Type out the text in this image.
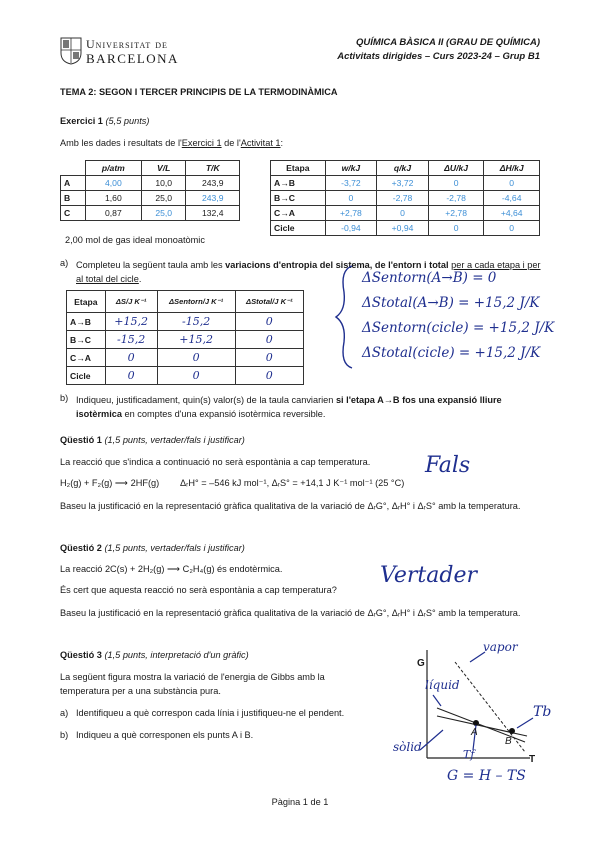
Universitat de
BARCELONA
QUÍMICA BÀSICA II (GRAU DE QUÍMICA)
Activitats dirigides – Curs 2023-24 – Grup B1
TEMA 2: SEGON I TERCER PRINCIPIS DE LA TERMODINÀMICA
Exercici 1 (5,5 punts)
Amb les dades i resultats de l'Exercici 1 de l'Activitat 1:
	p/atm	V/L	T/K
A	4,00	10,0	243,9
B	1,60	25,0	243,9
C	0,87	25,0	132,4
2,00 mol de gas ideal monoatòmic
Etapa	w/kJ	q/kJ	ΔU/kJ	ΔH/kJ
A→B	-3,72	+3,72	0	0
B→C	0	-2,78	-2,78	-4,64
C→A	+2,78	0	+2,78	+4,64
Cicle	-0,94	+0,94	0	0
a) Completeu la següent taula amb les variacions d'entropia del sistema, de l'entorn i total per a cada etapa i per al total del cicle.
Etapa	ΔS/J K⁻¹	ΔSentorn/J K⁻¹	ΔStotal/J K⁻¹
A→B	+15,2	-15,2	0
B→C	-15,2	+15,2	0
C→A	0	0	0
Cicle	0	0	0
ΔSentorn(A→B) = 0
ΔStotal(A→B) = +15,2 J/K
ΔSentorn(cicle) = +15,2 J/K
ΔStotal(cicle) = +15,2 J/K
b) Indiqueu, justificadament, quin(s) valor(s) de la taula canviarien si l'etapa A→B fos una expansió lliure isotèrmica en comptes d'una expansió isotèrmica reversible.
Qüestió 1 (1,5 punts, vertader/fals i justificar)
La reacció que s'indica a continuació no serà espontània a cap temperatura.
H₂(g) + F₂(g) ⟶ 2HF(g) ΔᵣH° = –546 kJ mol⁻¹, ΔᵣS° = +14,1 J K⁻¹ mol⁻¹ (25 °C)
Baseu la justificació en la representació gràfica qualitativa de la variació de ΔᵣG°, ΔᵣH° i ΔᵣS° amb la temperatura.
Fals
Qüestió 2 (1,5 punts, vertader/fals i justificar)
La reacció 2C(s) + 2H₂(g) ⟶ C₂H₄(g) és endotèrmica.
És cert que aquesta reacció no serà espontània a cap temperatura?
Baseu la justificació en la representació gràfica qualitativa de la variació de ΔᵣG°, ΔᵣH° i ΔᵣS° amb la temperatura.
Vertader
Qüestió 3 (1,5 punts, interpretació d'un gràfic)
La següent figura mostra la variació de l'energia de Gibbs amb la temperatura per a una substància pura.
a) Identifiqueu a què correspon cada línia i justifiqueu-ne el pendent.
b) Indiqueu a què corresponen els punts A i B.
G
T
A
B
vapor
líquid
sòlid
Tf
Tb
G = H – TS
Pàgina 1 de 1
